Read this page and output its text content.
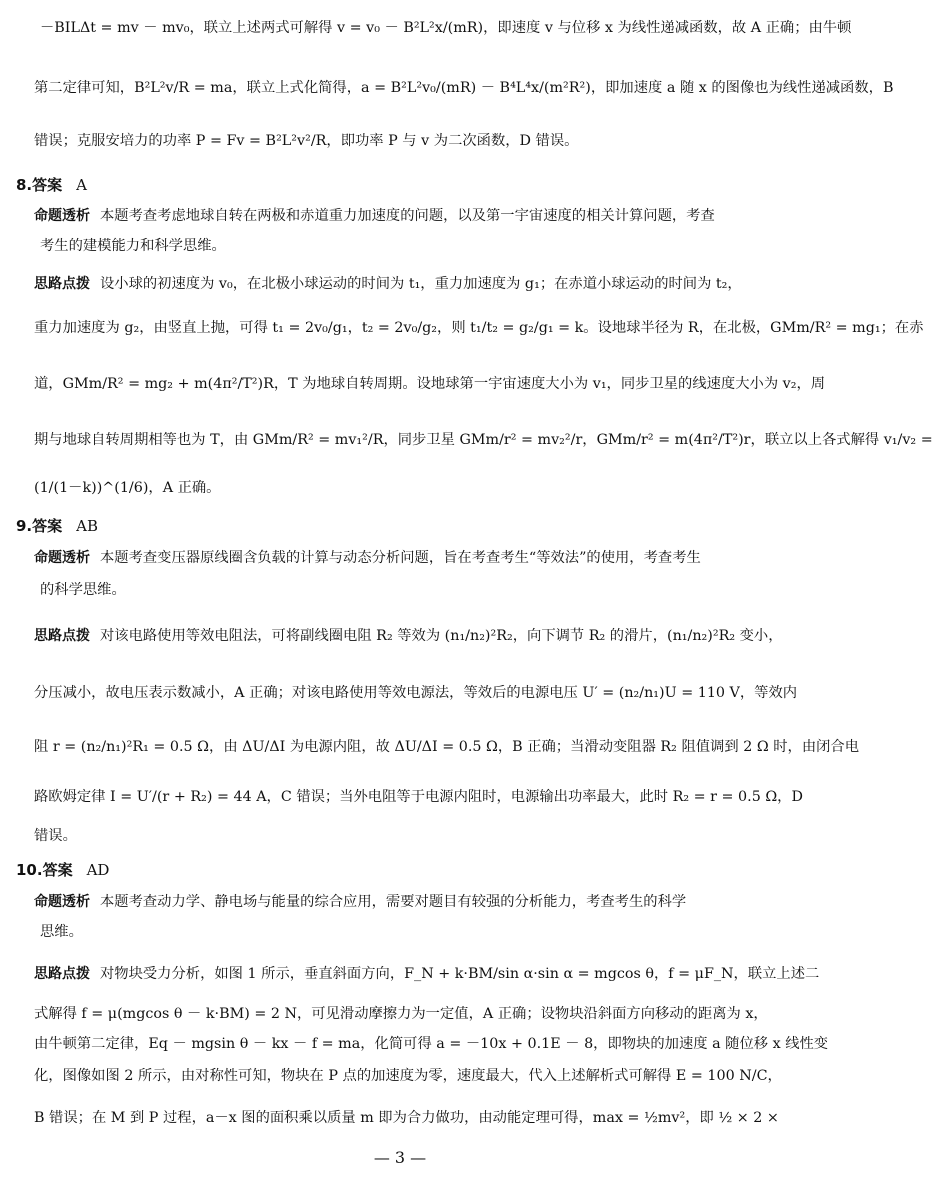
－BILΔt = mv － mv₀，联立上述两式可解得 v = v₀ － B²L²x/(mR)，即速度 v 与位移 x 为线性递减函数，故 A 正确；由牛顿
第二定律可知，B²L²v/R = ma，联立上式化简得，a = B²L²v₀/(mR) － B⁴L⁴x/(m²R²)，即加速度 a 随 x 的图像也为线性递减函数，B
错误；克服安培力的功率 P = Fv = B²L²v²/R，即功率 P 与 v 为二次函数，D 错误。
8.答案 A
命题透析 本题考查考虑地球自转在两极和赤道重力加速度的问题，以及第一宇宙速度的相关计算问题，考查
考生的建模能力和科学思维。
思路点拨 设小球的初速度为 v₀，在北极小球运动的时间为 t₁，重力加速度为 g₁；在赤道小球运动的时间为 t₂，
重力加速度为 g₂，由竖直上抛，可得 t₁ = 2v₀/g₁，t₂ = 2v₀/g₂，则 t₁/t₂ = g₂/g₁ = k。设地球半径为 R，在北极，GMm/R² = mg₁；在赤
道，GMm/R² = mg₂ + m(4π²/T²)R，T 为地球自转周期。设地球第一宇宙速度大小为 v₁，同步卫星的线速度大小为 v₂，周
期与地球自转周期相等也为 T，由 GMm/R² = mv₁²/R，同步卫星 GMm/r² = mv₂²/r，GMm/r² = m(4π²/T²)r，联立以上各式解得 v₁/v₂ =
(1/(1－k))^(1/6)，A 正确。
9.答案 AB
命题透析 本题考查变压器原线圈含负载的计算与动态分析问题，旨在考查考生“等效法”的使用，考查考生
的科学思维。
思路点拨 对该电路使用等效电阻法，可将副线圈电阻 R₂ 等效为 (n₁/n₂)²R₂，向下调节 R₂ 的滑片，(n₁/n₂)²R₂ 变小，
分压减小，故电压表示数减小，A 正确；对该电路使用等效电源法，等效后的电源电压 U′ = (n₂/n₁)U = 110 V，等效内
阻 r = (n₂/n₁)²R₁ = 0.5 Ω，由 ΔU/ΔI 为电源内阻，故 ΔU/ΔI = 0.5 Ω，B 正确；当滑动变阻器 R₂ 阻值调到 2 Ω 时，由闭合电
路欧姆定律 I = U′/(r + R₂) = 44 A，C 错误；当外电阻等于电源内阻时，电源输出功率最大，此时 R₂ = r = 0.5 Ω，D
错误。
10.答案 AD
命题透析 本题考查动力学、静电场与能量的综合应用，需要对题目有较强的分析能力，考查考生的科学
思维。
思路点拨 对物块受力分析，如图 1 所示，垂直斜面方向，F_N + k·BM/sin α·sin α = mgcos θ，f = μF_N，联立上述二
式解得 f = μ(mgcos θ － k·BM) = 2 N，可见滑动摩擦力为一定值，A 正确；设物块沿斜面方向移动的距离为 x，
由牛顿第二定律，Eq － mgsin θ － kx － f = ma，化简可得 a = －10x + 0.1E － 8，即物块的加速度 a 随位移 x 线性变
化，图像如图 2 所示，由对称性可知，物块在 P 点的加速度为零，速度最大，代入上述解析式可解得 E = 100 N/C，
B 错误；在 M 到 P 过程，a－x 图的面积乘以质量 m 即为合力做功，由动能定理可得，max = ½mv²，即 ½ × 2 ×
— 3 —
